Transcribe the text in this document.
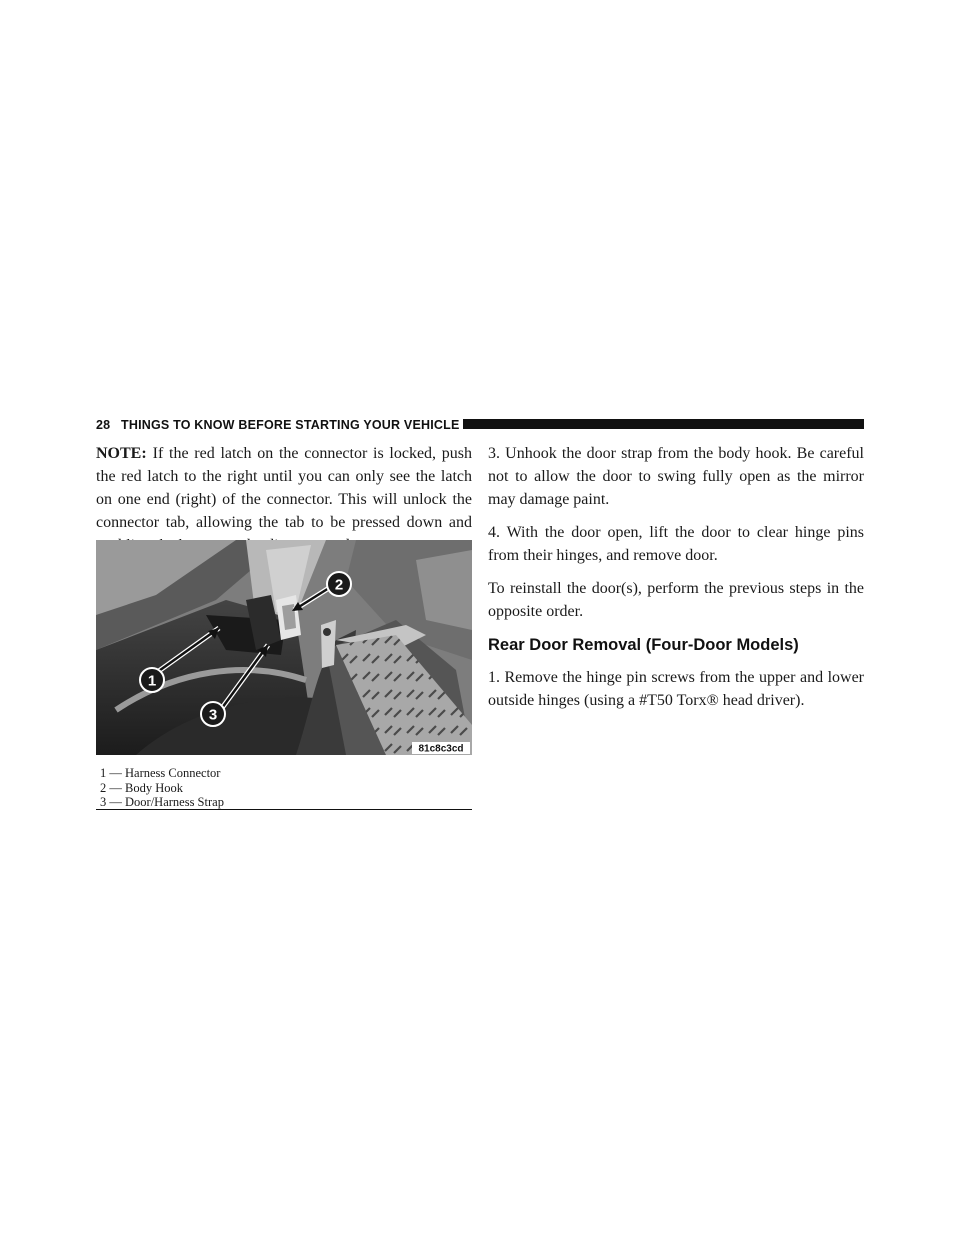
28 THINGS TO KNOW BEFORE STARTING YOUR VEHICLE

NOTE: If the red latch on the connector is locked, push the red latch to the right until you can only see the latch on one end (right) of the connector. This will unlock the connector tab, allowing the tab to be pressed down and

1
2
3
81c8c3cd
1 — Harness Connector
2 — Body Hook
3 — Door/Harness Strap

3. Unhook the door strap from the body hook. Be careful not to allow the door to swing fully open as the mirror may damage paint.

4. With the door open, lift the door to clear hinge pins from their hinges, and remove door.

To reinstall the door(s), perform the previous steps in the opposite order.

Rear Door Removal (Four-Door Models)

1. Remove the hinge pin screws from the upper and lower outside hinges (using a #T50 Torx® head driver).
